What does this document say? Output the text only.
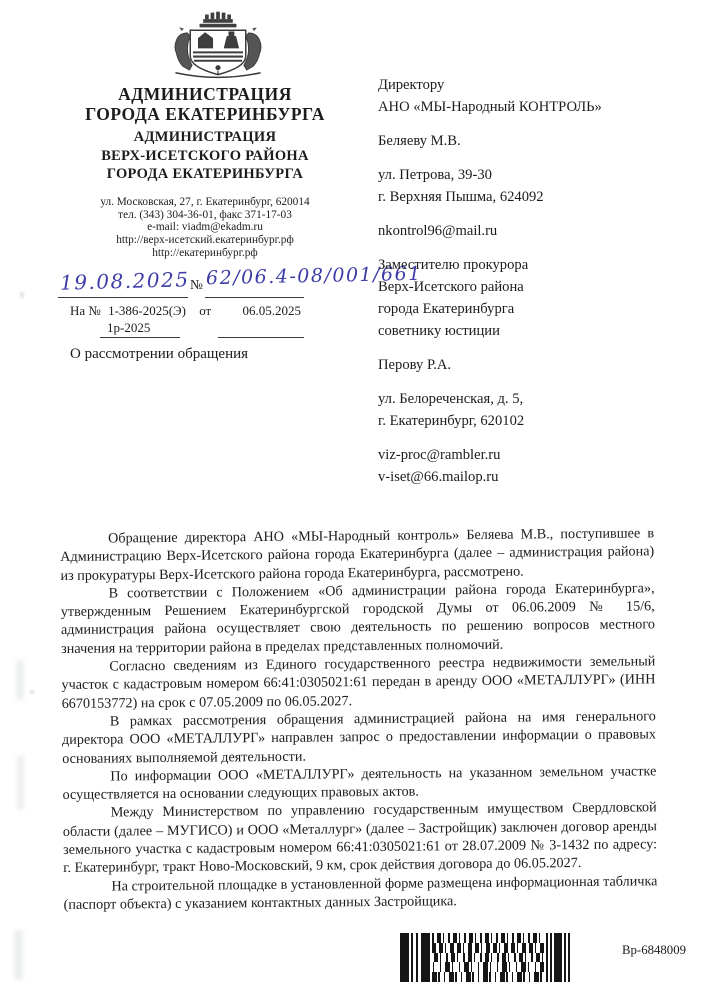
АДМИНИСТРАЦИЯ
ГОРОДА ЕКАТЕРИНБУРГА
АДМИНИСТРАЦИЯ
ВЕРХ-ИСЕТСКОГО РАЙОНА
ГОРОДА ЕКАТЕРИНБУРГА
ул. Московская, 27, г. Екатеринбург, 620014
тел. (343) 304-36-01, факс 371-17-03
e-mail: viadm@ekadm.ru
http://верх-исетский.екатеринбург.рф
http://екатеринбург.рф
19.08.2025 № 62/06.4-08/001/661
На № 1-386-2025(Э) от 06.05.2025
1р-2025
О рассмотрении обращения
Директору
АНО «МЫ-Народный КОНТРОЛЬ»
Беляеву М.В.
ул. Петрова, 39-30
г. Верхняя Пышма, 624092
nkontrol96@mail.ru
Заместителю прокурора
Верх-Исетского района
города Екатеринбурга
советнику юстиции
Перову Р.А.
ул. Белореченская, д. 5,
г. Екатеринбург, 620102
viz-proc@rambler.ru
v-iset@66.mailop.ru

Обращение директора АНО «МЫ-Народный контроль» Беляева М.В., поступившее в Администрацию Верх-Исетского района города Екатеринбурга (далее – администрация района) из прокуратуры Верх-Исетского района города Екатеринбурга, рассмотрено.

В соответствии с Положением «Об администрации района города Екатеринбурга», утвержденным Решением Екатеринбургской городской Думы от 06.06.2009 № 15/6, администрация района осуществляет свою деятельность по решению вопросов местного значения на территории района в пределах представленных полномочий.

Согласно сведениям из Единого государственного реестра недвижимости земельный участок с кадастровым номером 66:41:0305021:61 передан в аренду ООО «МЕТАЛЛУРГ» (ИНН 6670153772) на срок с 07.05.2009 по 06.05.2027.

В рамках рассмотрения обращения администрацией района на имя генерального директора ООО «МЕТАЛЛУРГ» направлен запрос о предоставлении информации о правовых основаниях выполняемой деятельности.

По информации ООО «МЕТАЛЛУРГ» деятельность на указанном земельном участке осуществляется на основании следующих правовых актов.

Между Министерством по управлению государственным имуществом Свердловской области (далее – МУГИСО) и ООО «Металлург» (далее – Застройщик) заключен договор аренды земельного участка с кадастровым номером 66:41:0305021:61 от 28.07.2009 № 3-1432 по адресу: г. Екатеринбург, тракт Ново-Московский, 9 км, срок действия договора до 06.05.2027.

На строительной площадке в установленной форме размещена информационная табличка (паспорт объекта) с указанием контактных данных Застройщика.

Вр-6848009
